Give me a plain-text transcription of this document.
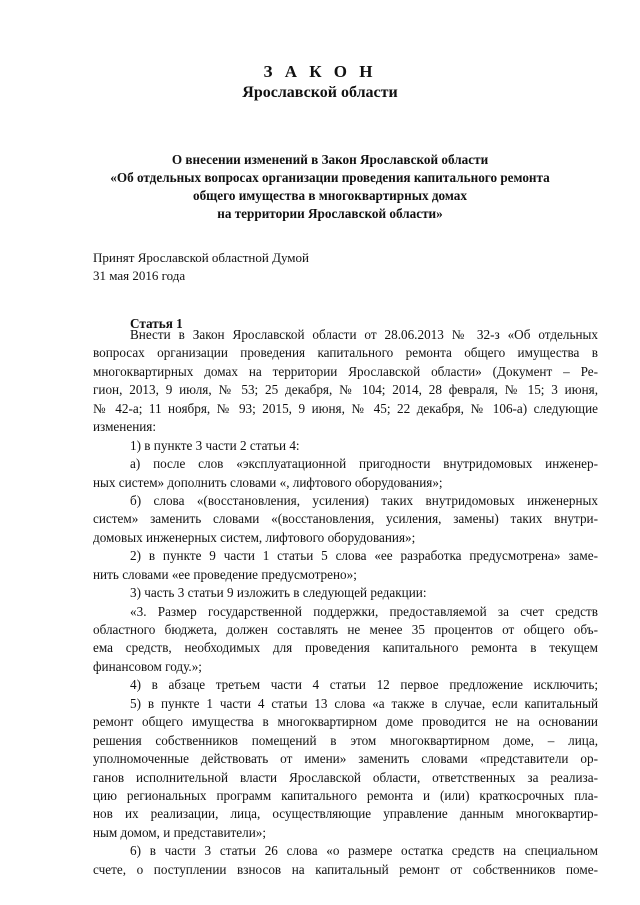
З А К О Н
Ярославской области
О внесении изменений в Закон Ярославской области
«Об отдельных вопросах организации проведения капитального ремонта
общего имущества в многоквартирных домах
на территории Ярославской области»
Принят Ярославской областной Думой
31 мая 2016 года
Статья 1
Внести в Закон Ярославской области от 28.06.2013 № 32-з «Об отдельных
вопросах организации проведения капитального ремонта общего имущества в
многоквартирных домах на территории Ярославской области» (Документ – Ре-
гион, 2013, 9 июля, № 53; 25 декабря, № 104; 2014, 28 февраля, № 15; 3 июня,
№ 42-а; 11 ноября, № 93; 2015, 9 июня, № 45; 22 декабря, № 106-а) следующие
изменения:
1) в пункте 3 части 2 статьи 4:
а) после слов «эксплуатационной пригодности внутридомовых инженер-
ных систем» дополнить словами «, лифтового оборудования»;
б) слова «(восстановления, усиления) таких внутридомовых инженерных
систем» заменить словами «(восстановления, усиления, замены) таких внутри-
домовых инженерных систем, лифтового оборудования»;
2) в пункте 9 части 1 статьи 5 слова «ее разработка предусмотрена» заме-
нить словами «ее проведение предусмотрено»;
3) часть 3 статьи 9 изложить в следующей редакции:
«3. Размер государственной поддержки, предоставляемой за счет средств
областного бюджета, должен составлять не менее 35 процентов от общего объ-
ема средств, необходимых для проведения капитального ремонта в текущем
финансовом году.»;
4) в абзаце третьем части 4 статьи 12 первое предложение исключить;
5) в пункте 1 части 4 статьи 13 слова «а также в случае, если капитальный
ремонт общего имущества в многоквартирном доме проводится не на основании
решения собственников помещений в этом многоквартирном доме, – лица,
уполномоченные действовать от имени» заменить словами «представители ор-
ганов исполнительной власти Ярославской области, ответственных за реализа-
цию региональных программ капитального ремонта и (или) краткосрочных пла-
нов их реализации, лица, осуществляющие управление данным многоквартир-
ным домом, и представители»;
6) в части 3 статьи 26 слова «о размере остатка средств на специальном
счете, о поступлении взносов на капитальный ремонт от собственников поме-
